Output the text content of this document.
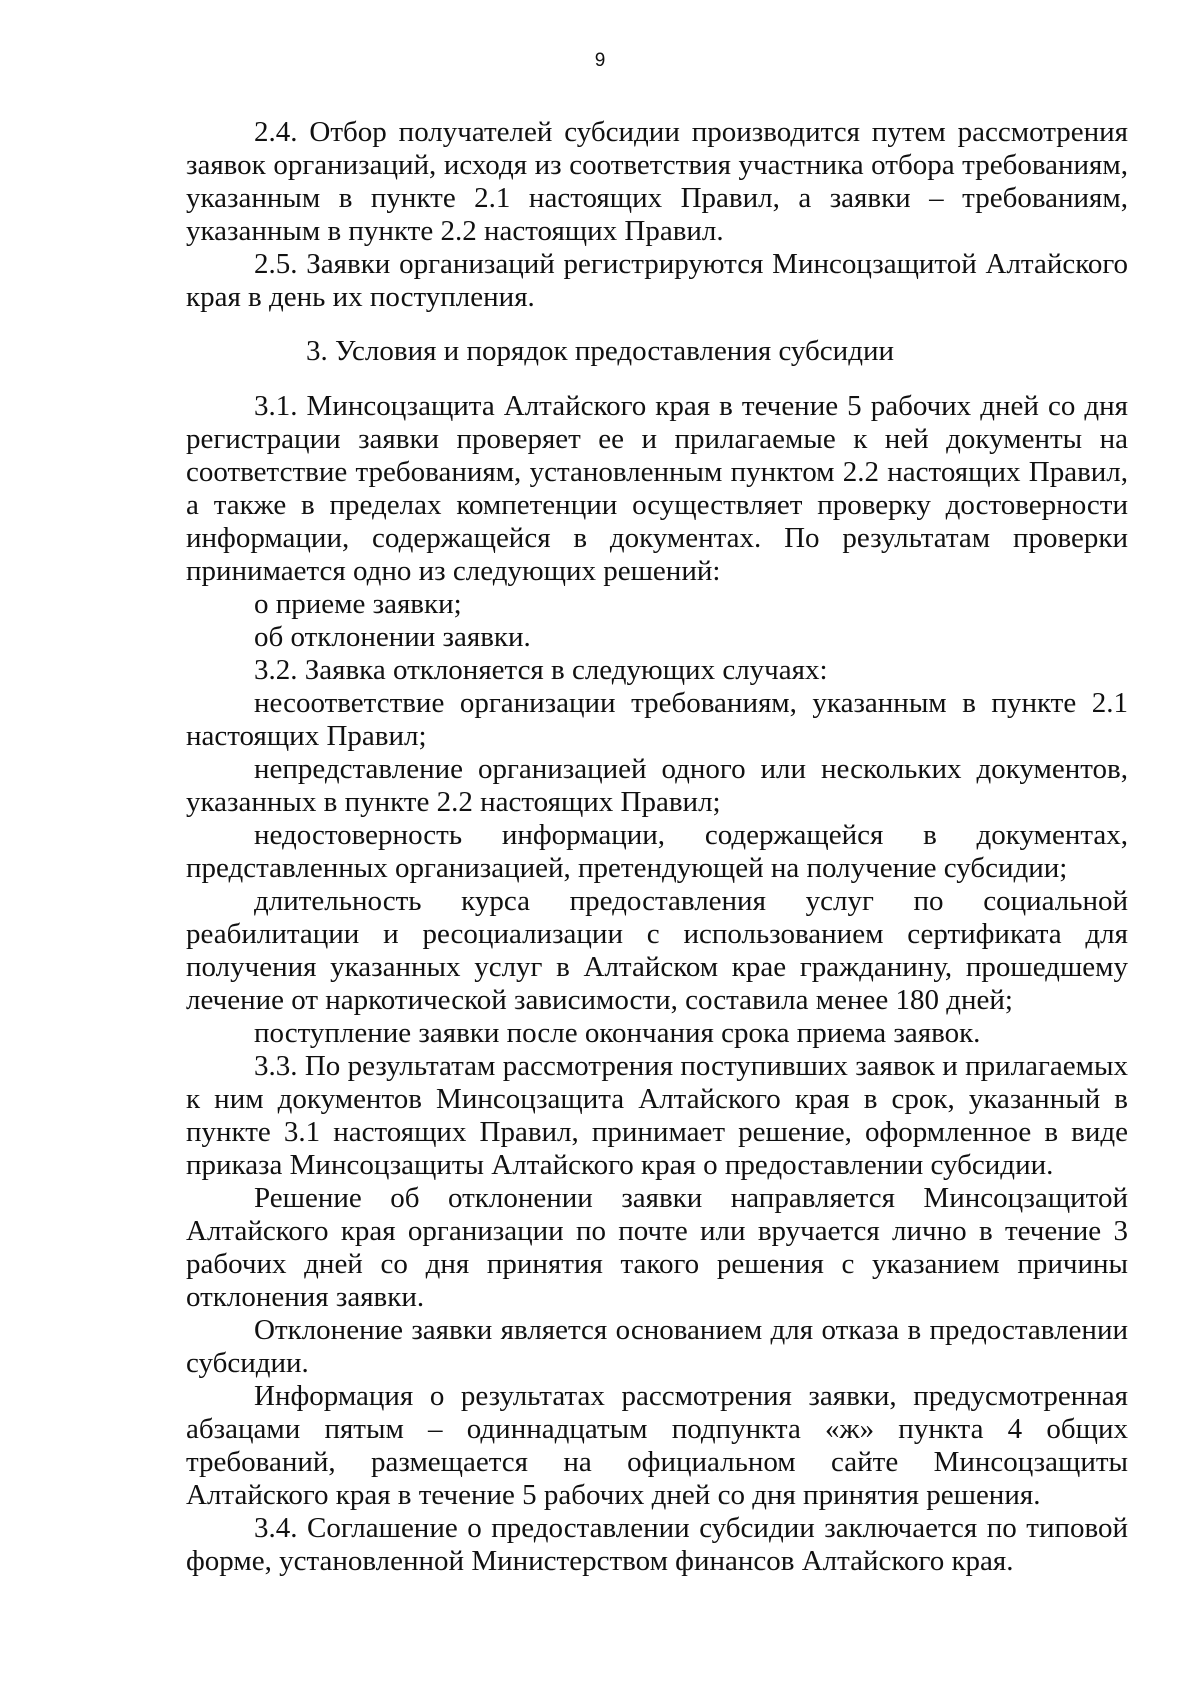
9

2.4. Отбор получателей субсидии производится путем рассмотрения заявок организаций, исходя из соответствия участника отбора требованиям, указанным в пункте 2.1 настоящих Правил, а заявки – требованиям, указанным в пункте 2.2 настоящих Правил.

2.5. Заявки организаций регистрируются Минсоцзащитой Алтайского края в день их поступления.

3. Условия и порядок предоставления субсидии

3.1. Минсоцзащита Алтайского края в течение 5 рабочих дней со дня регистрации заявки проверяет ее и прилагаемые к ней документы на соответствие требованиям, установленным пунктом 2.2 настоящих Правил, а также в пределах компетенции осуществляет проверку достоверности информации, содержащейся в документах. По результатам проверки принимается одно из следующих решений:

о приеме заявки;

об отклонении заявки.

3.2. Заявка отклоняется в следующих случаях:

несоответствие организации требованиям, указанным в пункте 2.1 настоящих Правил;

непредставление организацией одного или нескольких документов, указанных в пункте 2.2 настоящих Правил;

недостоверность информации, содержащейся в документах, представленных организацией, претендующей на получение субсидии;

длительность курса предоставления услуг по социальной реабилитации и ресоциализации с использованием сертификата для получения указанных услуг в Алтайском крае гражданину, прошедшему лечение от наркотической зависимости, составила менее 180 дней;

поступление заявки после окончания срока приема заявок.

3.3. По результатам рассмотрения поступивших заявок и прилагаемых к ним документов Минсоцзащита Алтайского края в срок, указанный в пункте 3.1 настоящих Правил, принимает решение, оформленное в виде приказа Минсоцзащиты Алтайского края о предоставлении субсидии.

Решение об отклонении заявки направляется Минсоцзащитой Алтайского края организации по почте или вручается лично в течение 3 рабочих дней со дня принятия такого решения с указанием причины отклонения заявки.

Отклонение заявки является основанием для отказа в предоставлении субсидии.

Информация о результатах рассмотрения заявки, предусмотренная абзацами пятым – одиннадцатым подпункта «ж» пункта 4 общих требований, размещается на официальном сайте Минсоцзащиты Алтайского края в течение 5 рабочих дней со дня принятия решения.

3.4. Соглашение о предоставлении субсидии заключается по типовой форме, установленной Министерством финансов Алтайского края.
